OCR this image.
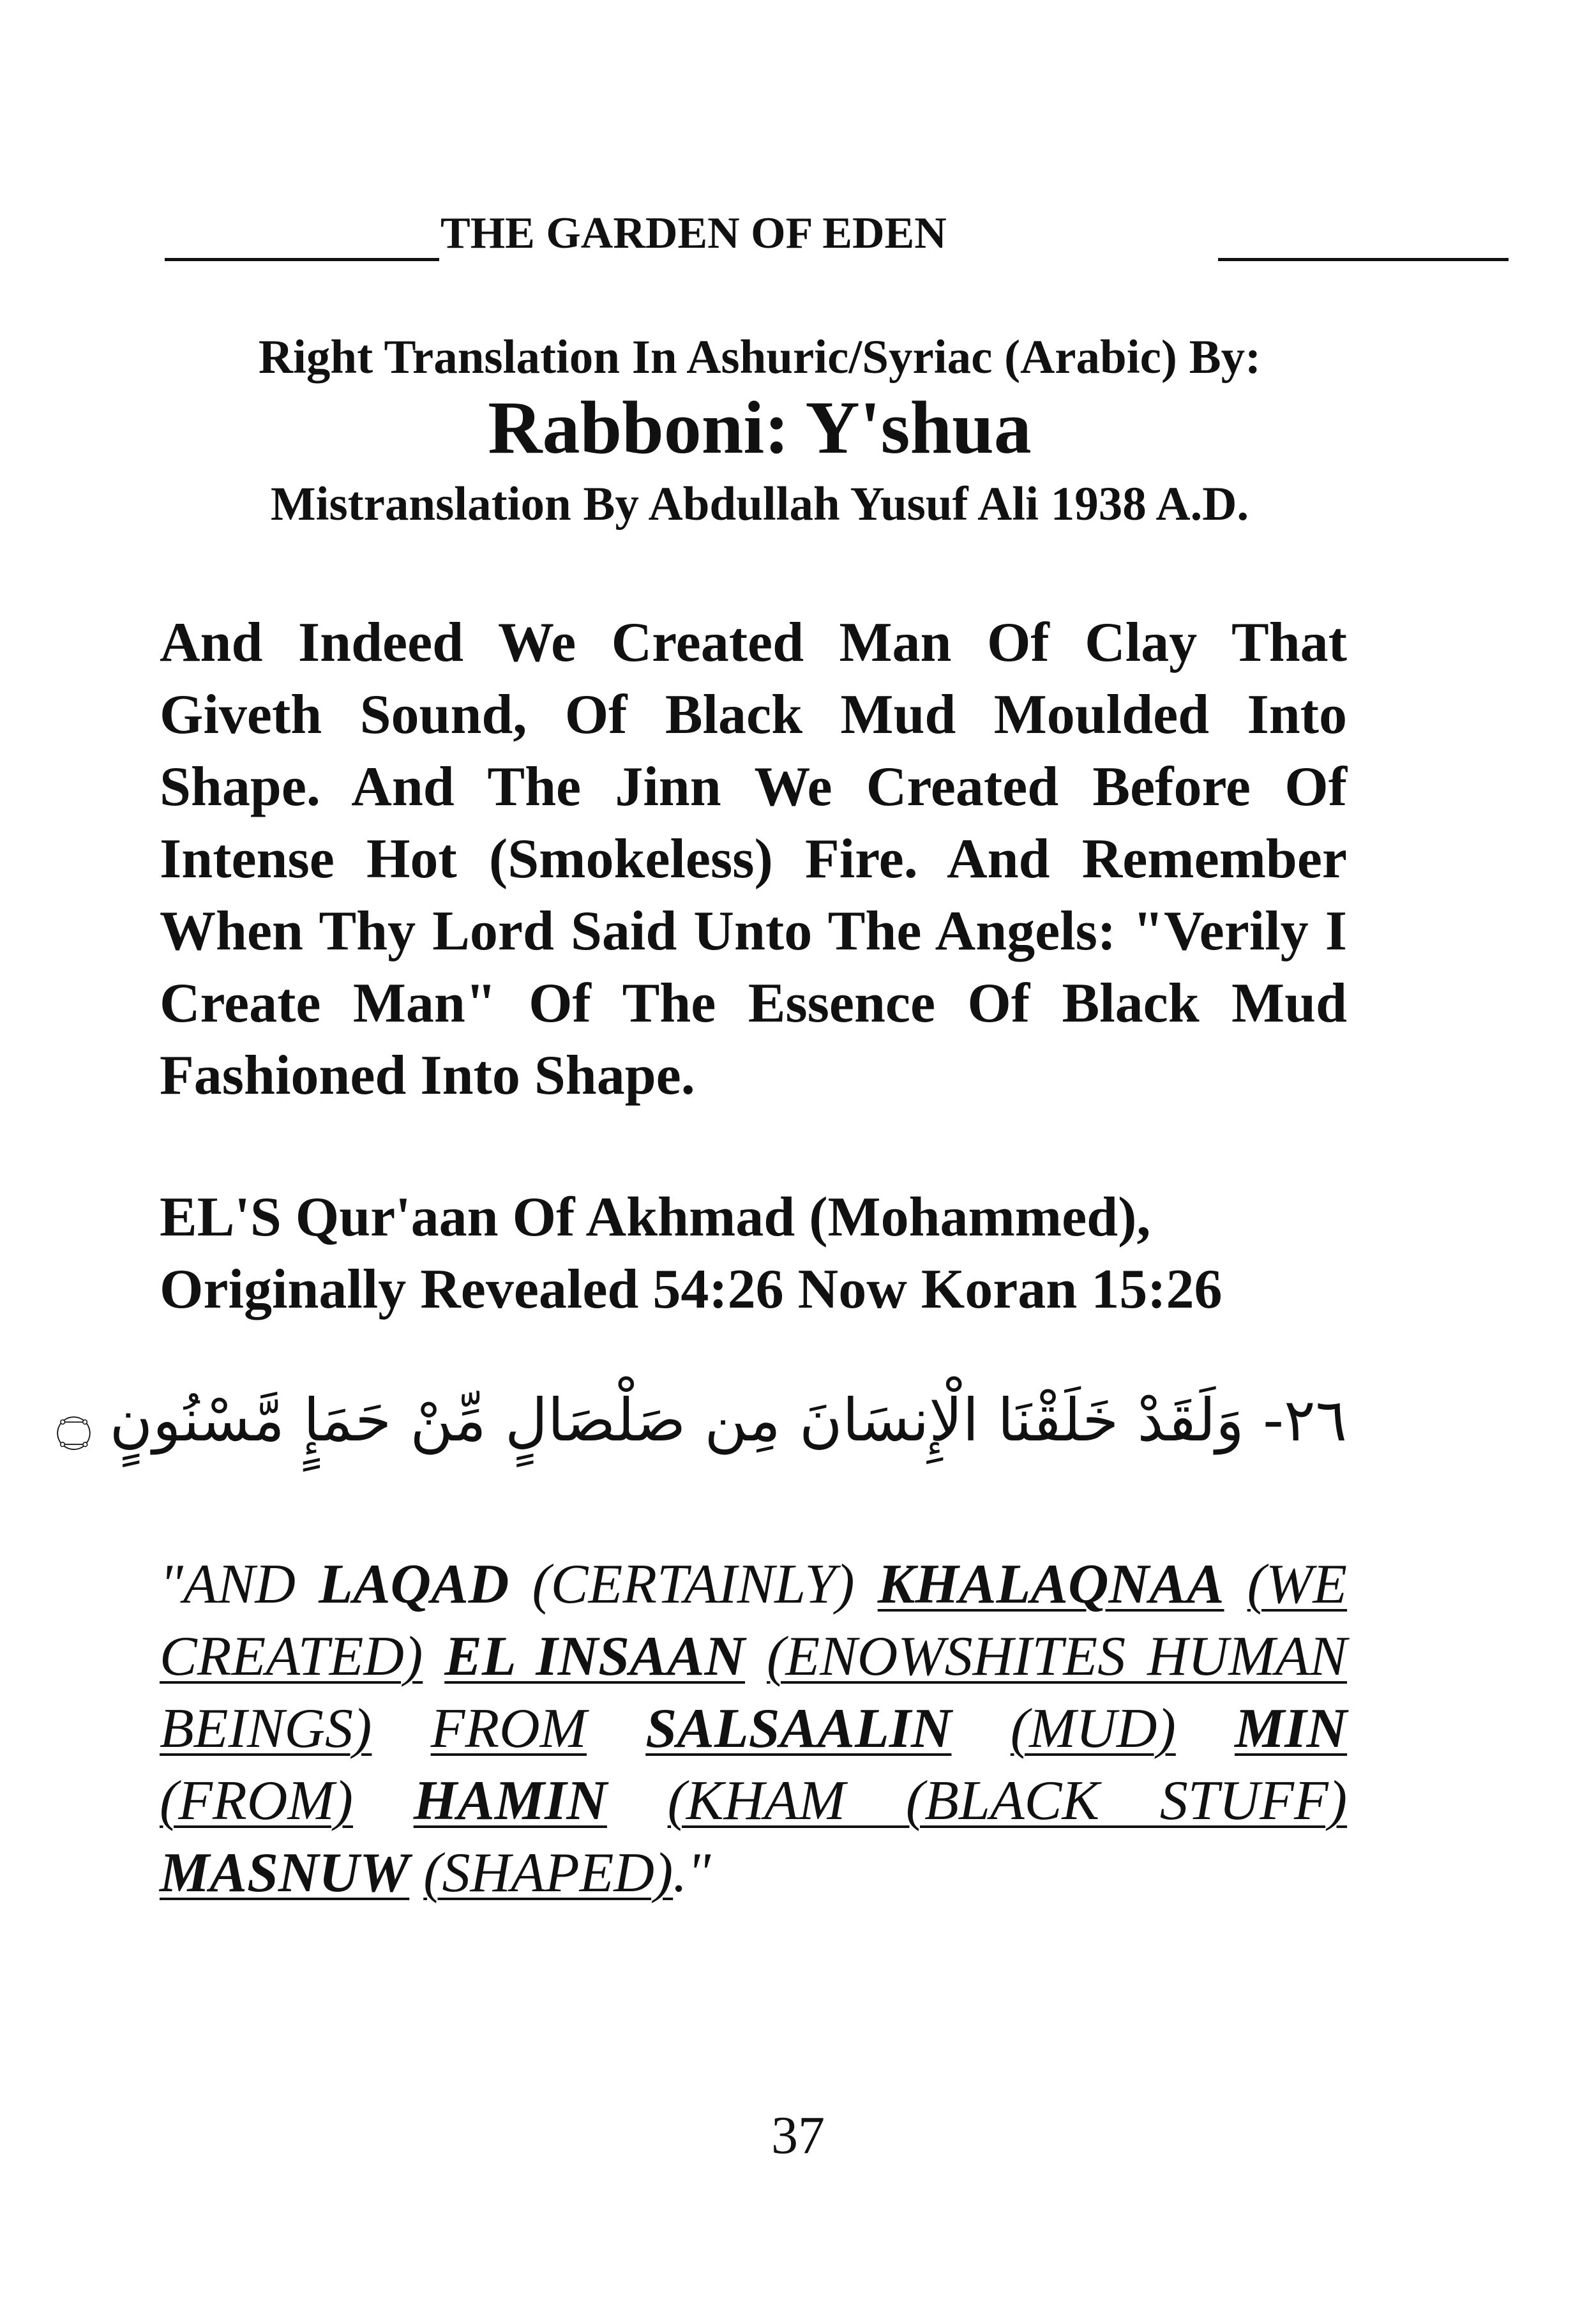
THE GARDEN OF EDEN
Right Translation In Ashuric/Syriac (Arabic) By:
Rabboni: Y'shua
Mistranslation By Abdullah Yusuf Ali 1938 A.D.
And Indeed We Created Man Of Clay That Giveth Sound, Of Black Mud Moulded Into Shape. And The Jinn We Created Before Of Intense Hot (Smokeless) Fire. And Remember When Thy Lord Said Unto The Angels: "Verily I Create Man" Of The Essence Of Black Mud Fashioned Into Shape.
EL'S Qur'aan Of Akhmad (Mohammed),
Originally Revealed 54:26 Now Koran 15:26
٢٦- وَلَقَدْ خَلَقْنَا الْإِنسَانَ مِن صَلْصَالٍ مِّنْ حَمَإٍ مَّسْنُونٍ ۝
"AND LAQAD (CERTAINLY) KHALAQNAA (WE CREATED) EL INSAAN (ENOWSHITES HUMAN BEINGS) FROM SALSAALIN (MUD) MIN (FROM) HAMIN (KHAM (BLACK STUFF) MASNUW (SHAPED)."
37
